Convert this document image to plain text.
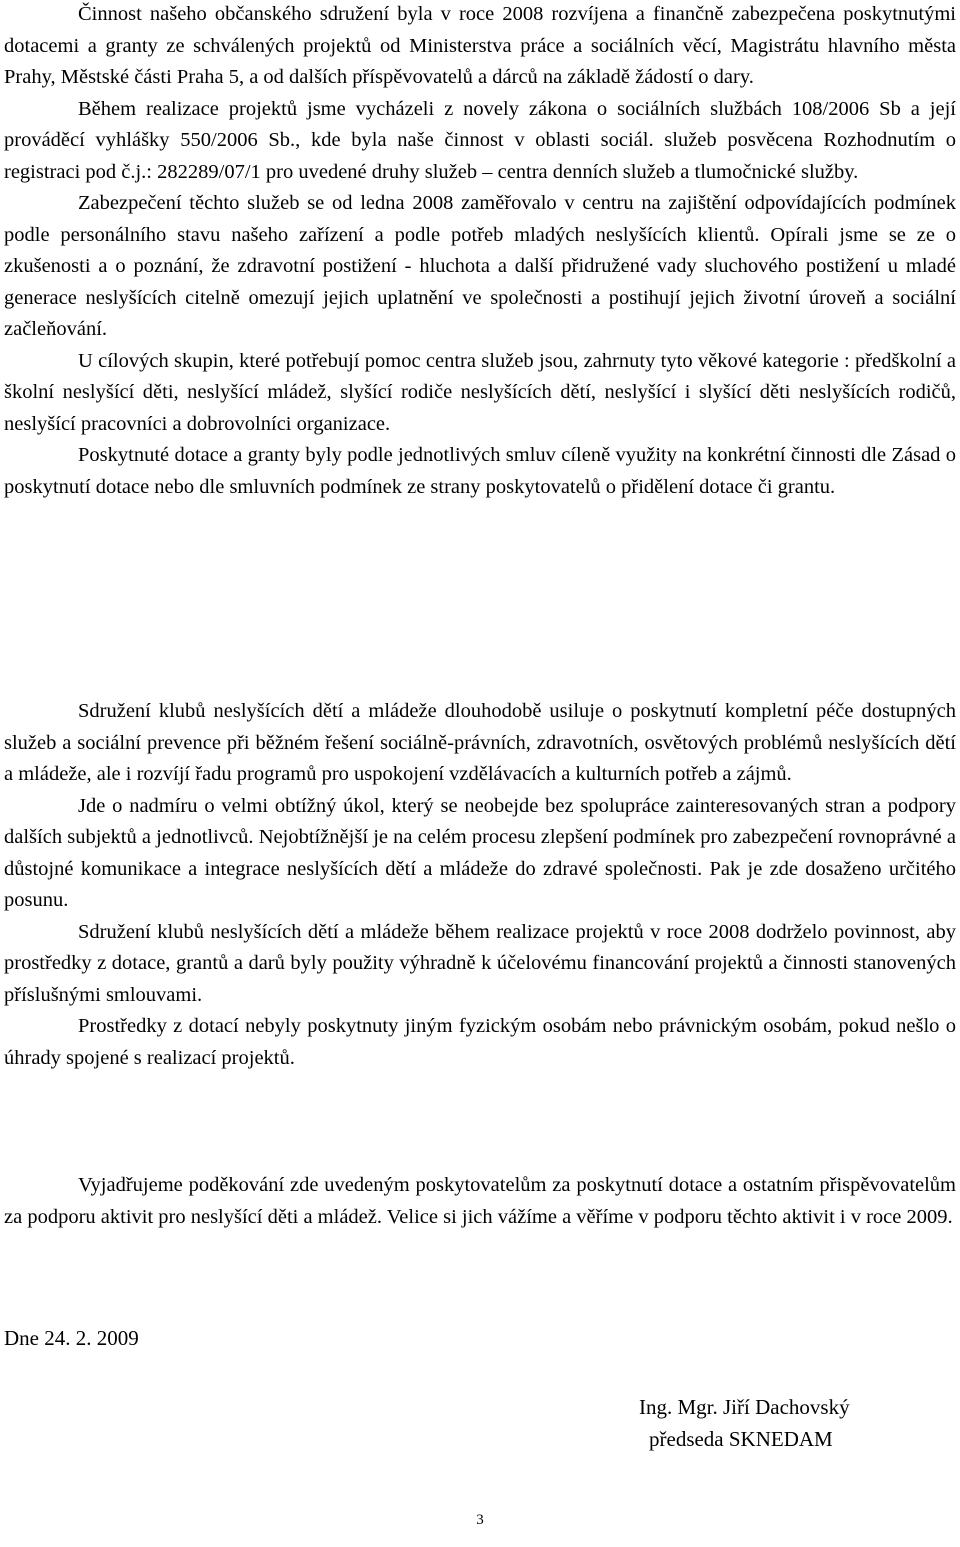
Činnost našeho občanského sdružení byla v roce 2008 rozvíjena a finančně zabezpečena poskytnutými dotacemi a granty ze schválených projektů od Ministerstva práce a sociálních věcí, Magistrátu hlavního města Prahy, Městské části Praha 5, a od dalších příspěvovatelů a dárců na základě žádostí o dary.

Během realizace projektů jsme vycházeli z novely zákona o sociálních službách 108/2006 Sb a její prováděcí vyhlášky 550/2006 Sb., kde byla naše činnost v oblasti sociál. služeb posvěcena Rozhodnutím o registraci pod č.j.: 282289/07/1 pro uvedené druhy služeb – centra denních služeb a tlumočnické služby.

Zabezpečení těchto služeb se od ledna 2008 zaměřovalo v centru na zajištění odpovídajících podmínek podle personálního stavu našeho zařízení a podle potřeb mladých neslyšících klientů. Opírali jsme se ze o zkušenosti a o poznání, že zdravotní postižení - hluchota a další přidružené vady sluchového postižení u mladé generace neslyšících citelně omezují jejich uplatnění ve společnosti a postihují jejich životní úroveň a sociální začleňování.

U cílových skupin, které potřebují pomoc centra služeb jsou, zahrnuty tyto věkové kategorie : předškolní a školní neslyšící děti, neslyšící mládež, slyšící rodiče neslyšících dětí, neslyšící i slyšící děti neslyšících rodičů, neslyšící pracovníci a dobrovolníci organizace.

Poskytnuté dotace a granty byly podle jednotlivých smluv cíleně využity na konkrétní činnosti dle Zásad o poskytnutí dotace nebo dle smluvních podmínek ze strany poskytovatelů o přidělení dotace či grantu.

Sdružení klubů neslyšících dětí a mládeže dlouhodobě usiluje o poskytnutí kompletní péče dostupných služeb a sociální prevence při běžném řešení sociálně-právních, zdravotních, osvětových problémů neslyšících dětí a mládeže, ale i rozvíjí řadu programů pro uspokojení vzdělávacích a kulturních potřeb a zájmů.

Jde o nadmíru o velmi obtížný úkol, který se neobejde bez spolupráce zainteresovaných stran a podpory dalších subjektů a jednotlivců. Nejobtížnější je na celém procesu zlepšení podmínek pro zabezpečení rovnoprávné a důstojné komunikace a integrace neslyšících dětí a mládeže do zdravé společnosti. Pak je zde dosaženo určitého posunu.

Sdružení klubů neslyšících dětí a mládeže během realizace projektů v roce 2008 dodrželo povinnost, aby prostředky z dotace, grantů a darů byly použity výhradně k účelovému financování projektů a činnosti stanovených příslušnými smlouvami.

Prostředky z dotací nebyly poskytnuty jiným fyzickým osobám nebo právnickým osobám, pokud nešlo o úhrady spojené s realizací projektů.

Vyjadřujeme poděkování zde uvedeným poskytovatelům za poskytnutí dotace a ostatním přispěvovatelům za podporu aktivit pro neslyšící děti a mládež. Velice si jich vážíme a věříme v podporu těchto aktivit i v roce 2009.

Dne 24. 2. 2009
Ing. Mgr. Jiří Dachovský
předseda SKNEDAM
3
